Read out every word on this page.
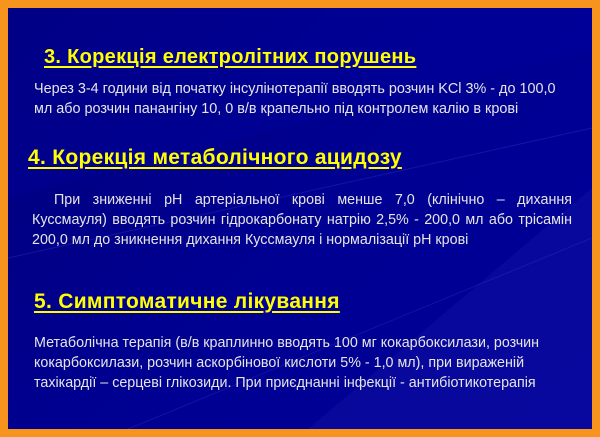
3. Корекція електролітних порушень

Через 3-4 години від початку інсулінотерапії вводять розчин KCl 3% - до 100,0 мл або розчин панангіну 10, 0 в/в крапельно під контролем калію в крові

4. Корекція метаболічного ацидозу

При зниженні pH артеріальної крові менше 7,0 (клінічно – дихання Куссмауля) вводять розчин гідрокарбонату натрію 2,5% - 200,0 мл або трісамін 200,0 мл до зникнення дихання Куссмауля і нормалізації pH крові

5. Симптоматичне лікування

Метаболічна терапія (в/в краплинно вводять 100 мг кокарбоксилази, розчин кокарбоксилази, розчин аскорбінової кислоти 5% - 1,0 мл), при вираженій тахікардії – серцеві глікозиди. При приєднанні інфекції - антибіотикотерапія
